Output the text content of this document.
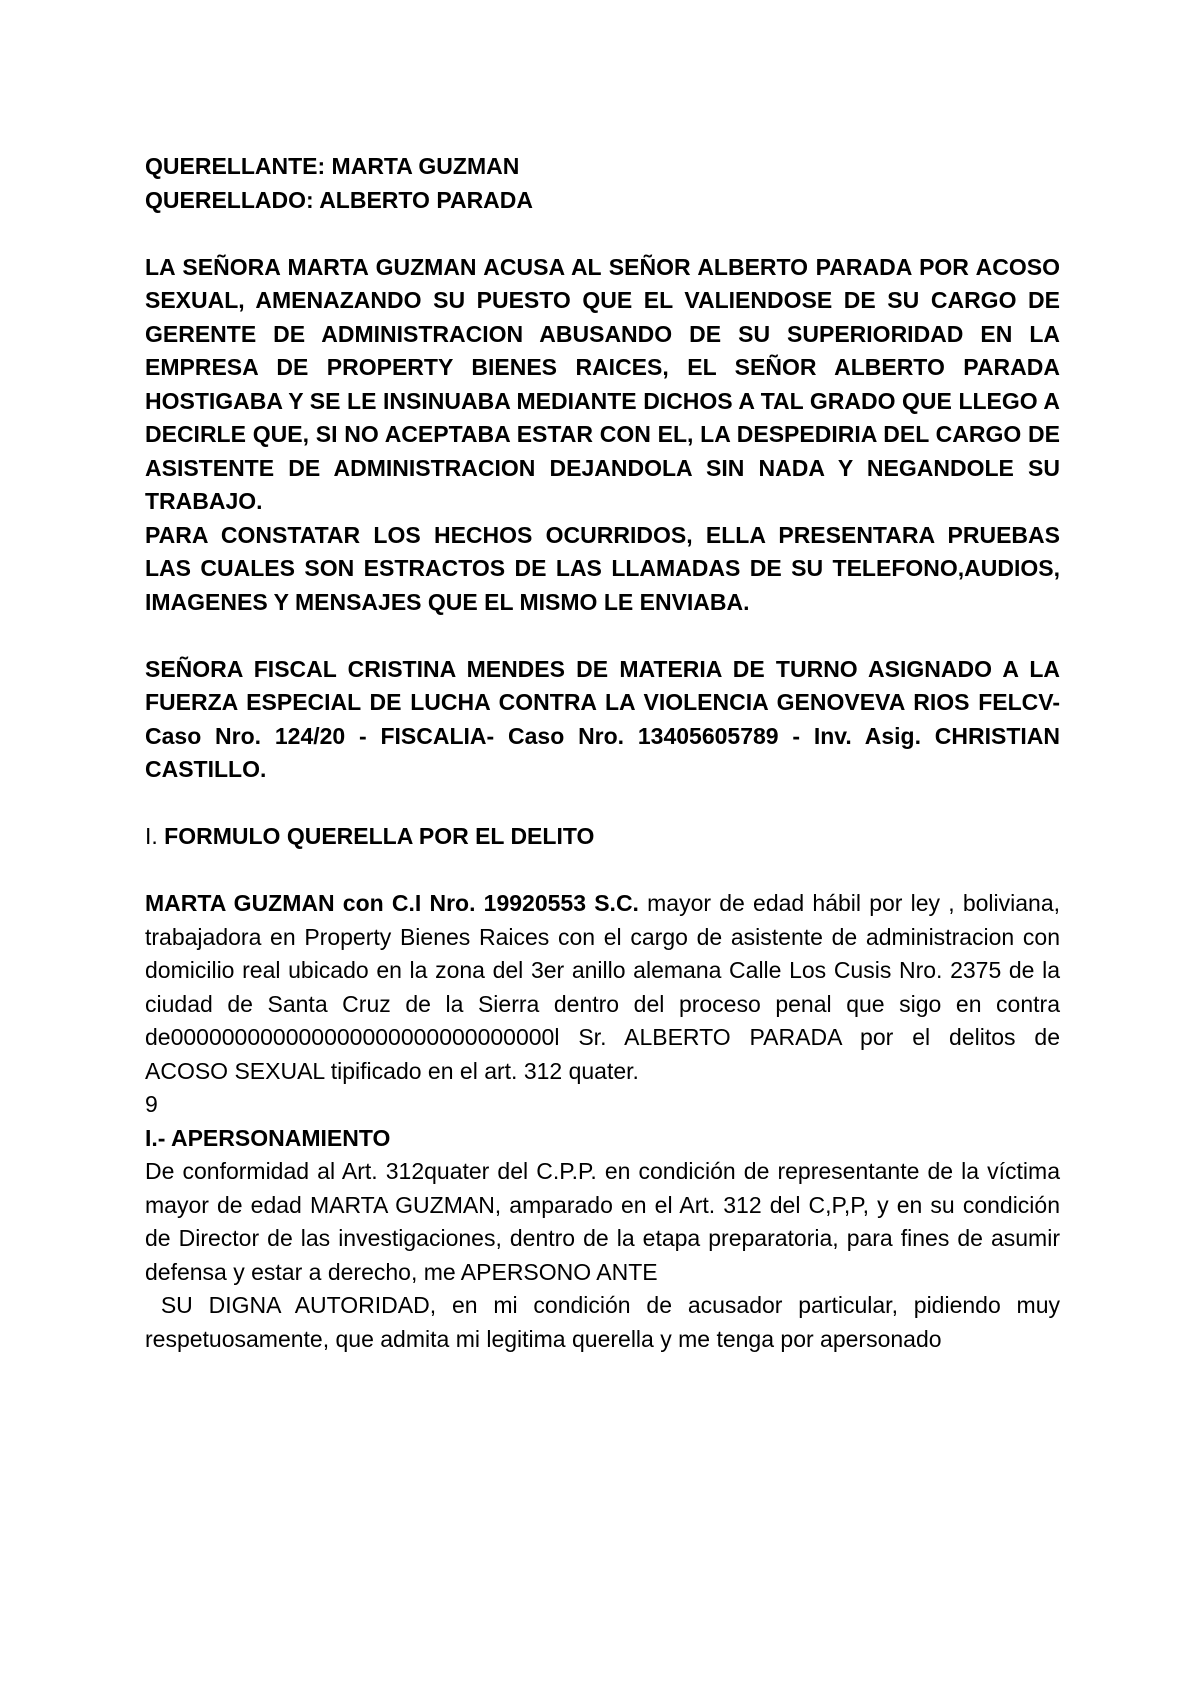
QUERELLANTE: MARTA GUZMAN

QUERELLADO: ALBERTO PARADA

LA SEÑORA MARTA GUZMAN ACUSA AL SEÑOR ALBERTO PARADA POR ACOSO SEXUAL, AMENAZANDO SU PUESTO QUE EL VALIENDOSE DE SU CARGO DE GERENTE DE ADMINISTRACION ABUSANDO DE SU SUPERIORIDAD EN LA EMPRESA DE PROPERTY BIENES RAICES, EL SEÑOR ALBERTO PARADA HOSTIGABA Y SE LE INSINUABA MEDIANTE DICHOS A TAL GRADO QUE LLEGO A DECIRLE QUE, SI NO ACEPTABA ESTAR CON EL, LA DESPEDIRIA DEL CARGO DE ASISTENTE DE ADMINISTRACION DEJANDOLA SIN NADA Y NEGANDOLE SU TRABAJO.

PARA CONSTATAR LOS HECHOS OCURRIDOS, ELLA PRESENTARA PRUEBAS LAS CUALES SON ESTRACTOS DE LAS LLAMADAS DE SU TELEFONO,AUDIOS, IMAGENES Y MENSAJES QUE EL MISMO LE ENVIABA.

SEÑORA FISCAL CRISTINA MENDES DE MATERIA DE TURNO ASIGNADO A LA FUERZA ESPECIAL DE LUCHA CONTRA LA VIOLENCIA GENOVEVA RIOS FELCV- Caso Nro. 124/20 - FISCALIA- Caso Nro. 13405605789 - Inv. Asig. CHRISTIAN CASTILLO.

I. FORMULO QUERELLA POR EL DELITO

MARTA GUZMAN con C.I Nro. 19920553 S.C. mayor de edad hábil por ley , boliviana, trabajadora en Property Bienes Raices con el cargo de asistente de administracion con domicilio real ubicado en la zona del 3er anillo alemana Calle Los Cusis Nro. 2375 de la ciudad de Santa Cruz de la Sierra dentro del proceso penal que sigo en contra de000000000000000000000000000000l Sr. ALBERTO PARADA por el delitos de ACOSO SEXUAL tipificado en el art. 312 quater.

9

I.- APERSONAMIENTO

De conformidad al Art. 312quater del C.P.P. en condición de representante de la víctima mayor de edad MARTA GUZMAN, amparado en el Art. 312 del C,P,P, y en su condición de Director de las investigaciones, dentro de la etapa preparatoria, para fines de asumir defensa y estar a derecho, me APERSONO ANTE

SU DIGNA AUTORIDAD, en mi condición de acusador particular, pidiendo muy respetuosamente, que admita mi legitima querella y me tenga por apersonado
